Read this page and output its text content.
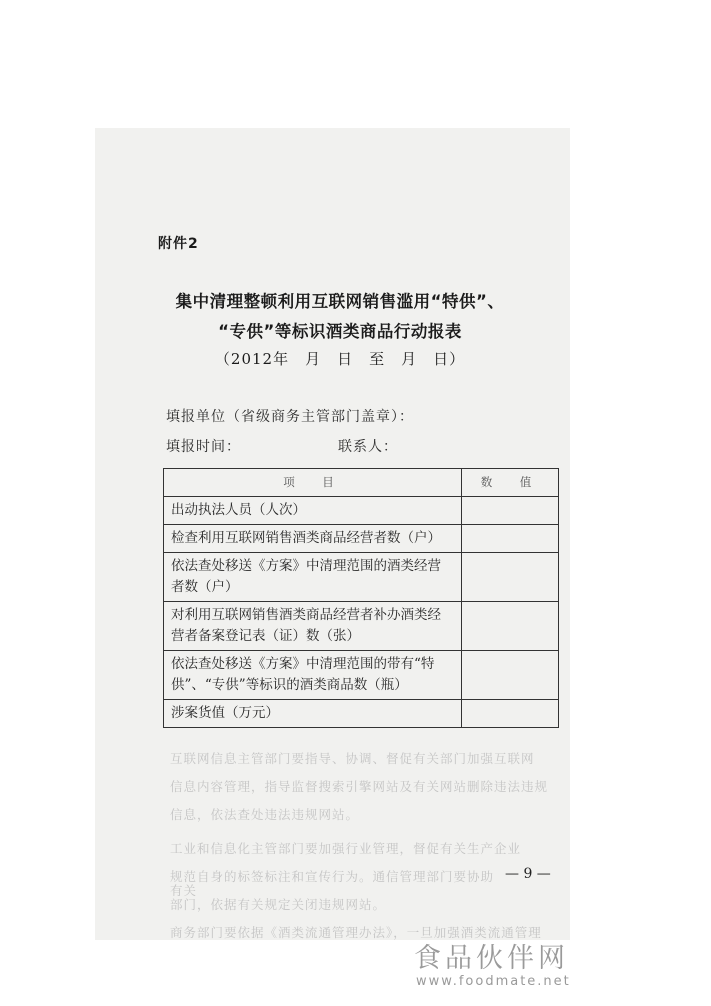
附件2
集中清理整顿利用互联网销售滥用“特供”、
“专供”等标识酒类商品行动报表
（2012年　月　日　至　月　日）
填报单位（省级商务主管部门盖章）：
填报时间：	联系人：
项　目	数　值
出动执法人员（人次）	
检查利用互联网销售酒类商品经营者数（户）	
依法查处移送《方案》中清理范围的酒类经营者数（户）	
对利用互联网销售酒类商品经营者补办酒类经营者备案登记表（证）数（张）	
依法查处移送《方案》中清理范围的带有“特供”、“专供”等标识的酒类商品数（瓶）	
涉案货值（万元）	
互联网信息主管部门要指导、协调、督促有关部门加强互联网
信息内容管理，指导监督搜索引擎网站及有关网站删除违法违规
信息，依法查处违法违规网站。
工业和信息化主管部门要加强行业管理，督促有关生产企业
规范自身的标签标注和宣传行为。通信管理部门要协助有关
部门，依据有关规定关闭违规网站。
商务部门要依据《酒类流通管理办法》，一旦加强酒类流通管理
— 9 —
食品伙伴网
www.foodmate.net
